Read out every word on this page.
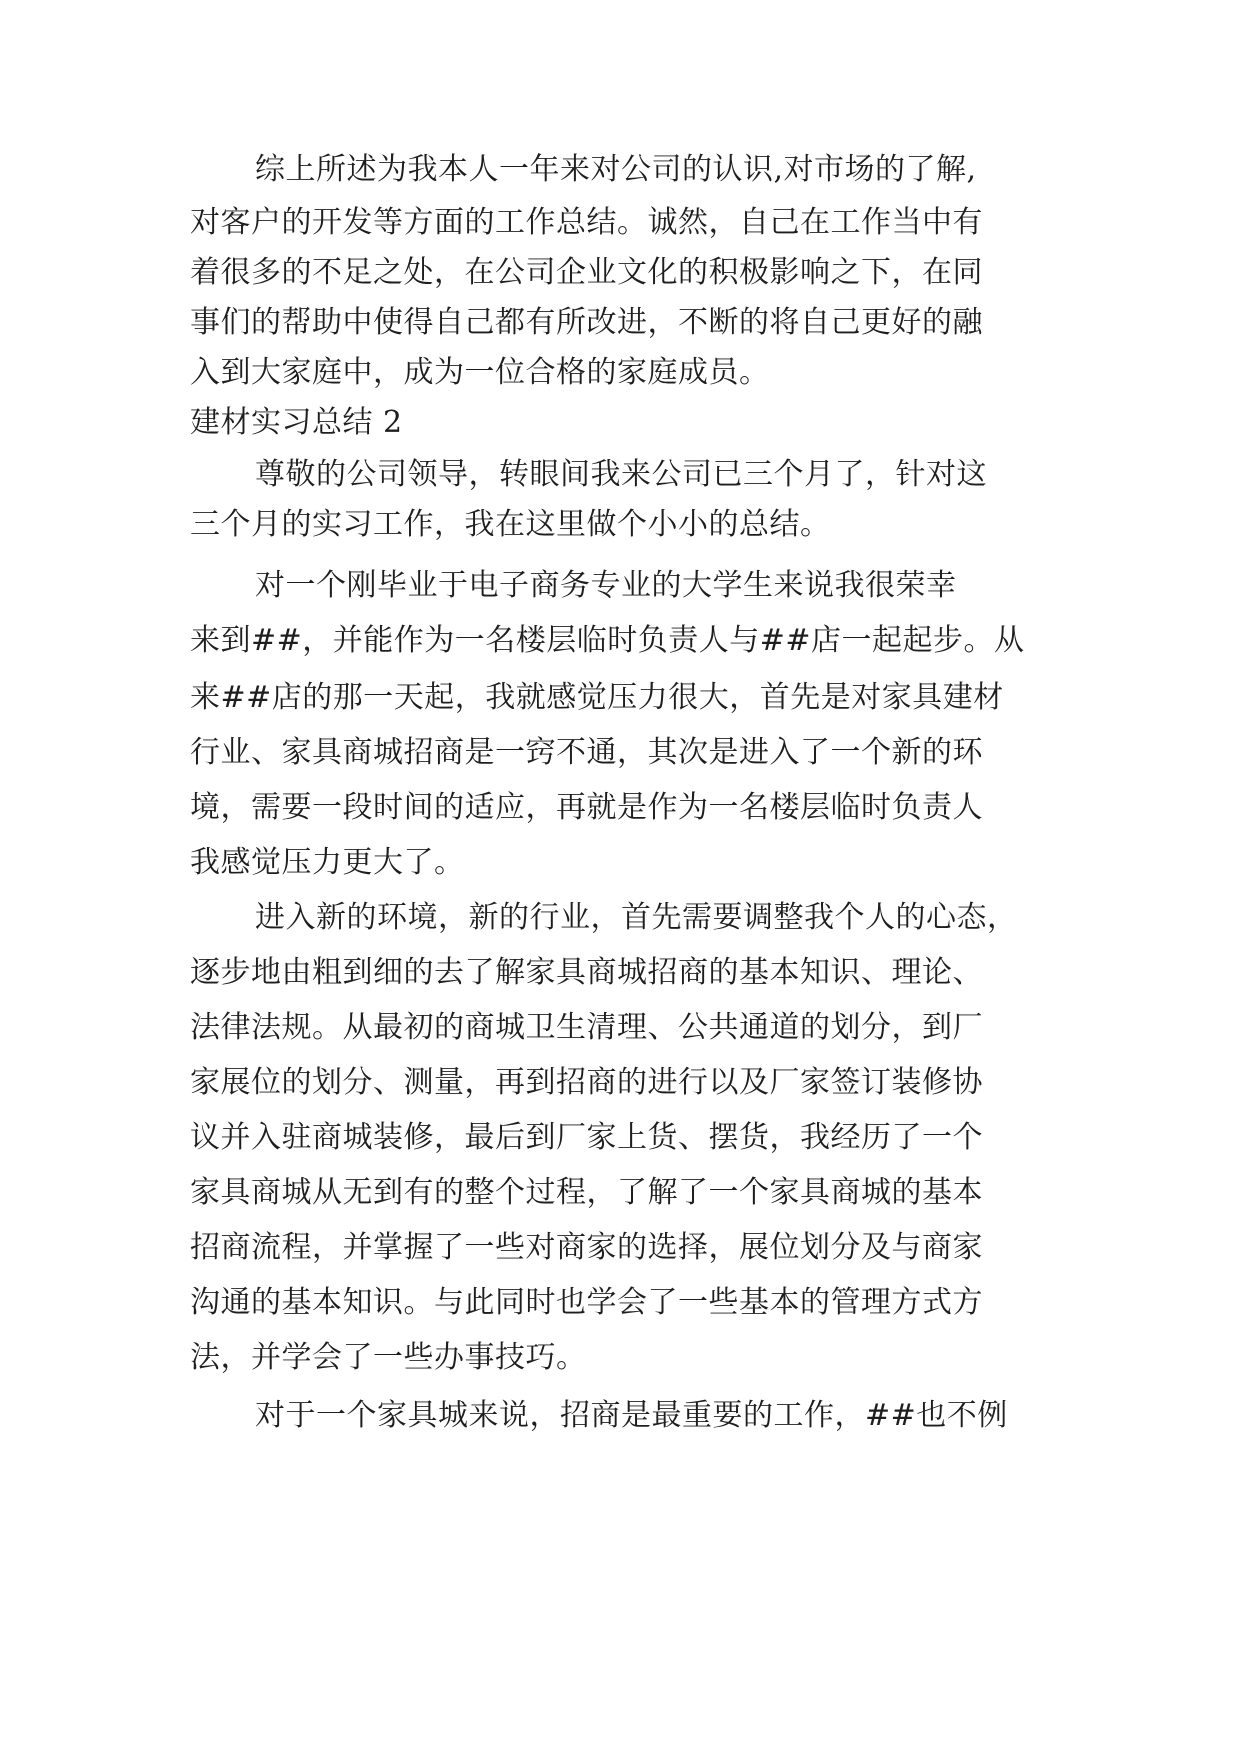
综上所述为我本人一年来对公司的认识,对市场的了解,
对客户的开发等方面的工作总结。诚然，自己在工作当中有
着很多的不足之处，在公司企业文化的积极影响之下，在同
事们的帮助中使得自己都有所改进，不断的将自己更好的融
入到大家庭中，成为一位合格的家庭成员。
建材实习总结 2
尊敬的公司领导，转眼间我来公司已三个月了，针对这
三个月的实习工作，我在这里做个小小的总结。
对一个刚毕业于电子商务专业的大学生来说我很荣幸
来到##，并能作为一名楼层临时负责人与##店一起起步。从
来##店的那一天起，我就感觉压力很大，首先是对家具建材
行业、家具商城招商是一窍不通，其次是进入了一个新的环
境，需要一段时间的适应，再就是作为一名楼层临时负责人
我感觉压力更大了。
进入新的环境，新的行业，首先需要调整我个人的心态，
逐步地由粗到细的去了解家具商城招商的基本知识、理论、
法律法规。从最初的商城卫生清理、公共通道的划分，到厂
家展位的划分、测量，再到招商的进行以及厂家签订装修协
议并入驻商城装修，最后到厂家上货、摆货，我经历了一个
家具商城从无到有的整个过程，了解了一个家具商城的基本
招商流程，并掌握了一些对商家的选择，展位划分及与商家
沟通的基本知识。与此同时也学会了一些基本的管理方式方
法，并学会了一些办事技巧。
对于一个家具城来说，招商是最重要的工作，##也不例
